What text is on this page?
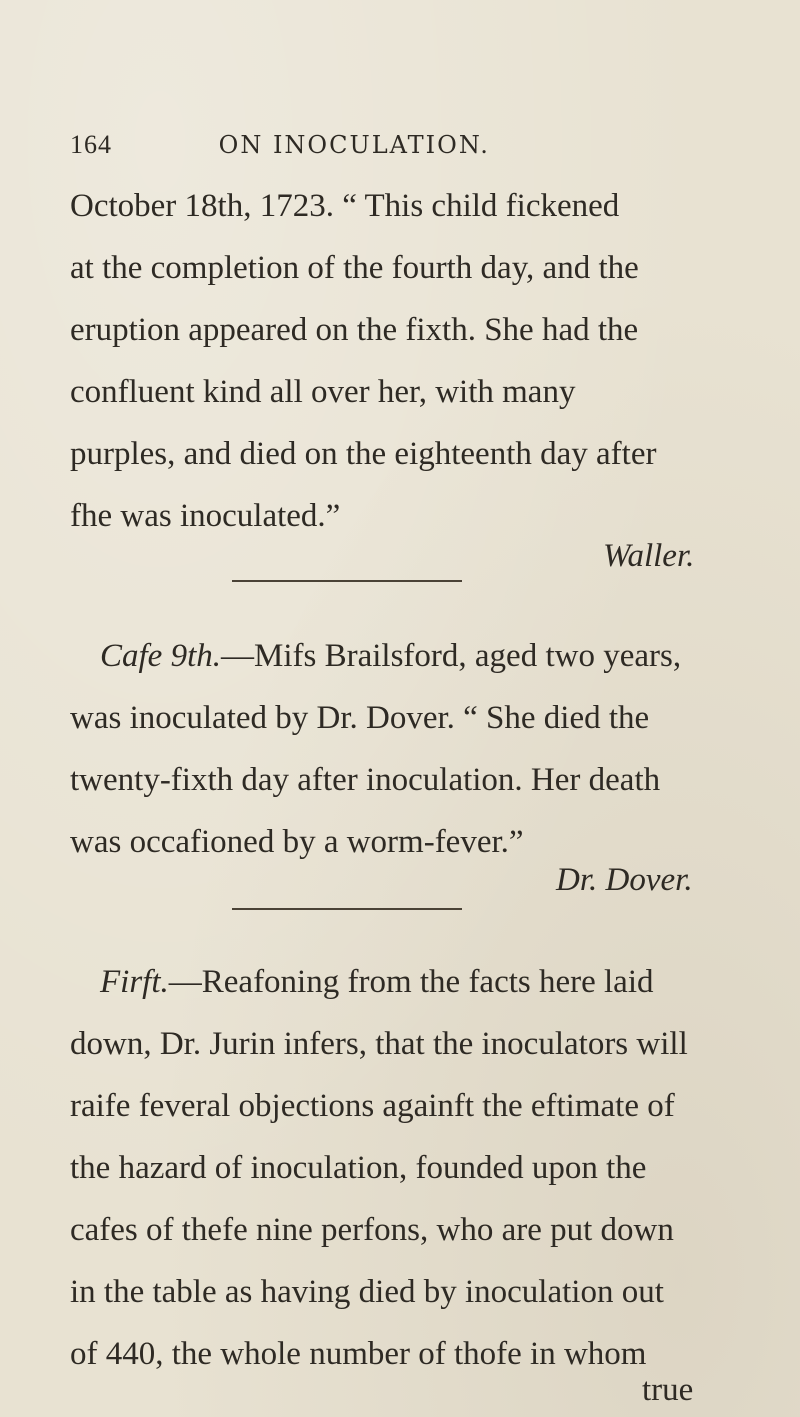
164	ON INOCULATION.
October 18th, 1723. “ This child fickened
at the completion of the fourth day, and the
eruption appeared on the fixth. She had the
confluent kind all over her, with many
purples, and died on the eighteenth day after
fhe was inoculated.”
Waller.
Cafe 9th.—Mifs Brailsford, aged two years,
was inoculated by Dr. Dover. “ She died the
twenty-fixth day after inoculation. Her death
was occafioned by a worm-fever.”
Dr. Dover.
Firft.—Reafoning from the facts here laid
down, Dr. Jurin infers, that the inoculators will
raife feveral objections againft the eftimate of
the hazard of inoculation, founded upon the
cafes of thefe nine perfons, who are put down
in the table as having died by inoculation out
of 440, the whole number of thofe in whom
true
